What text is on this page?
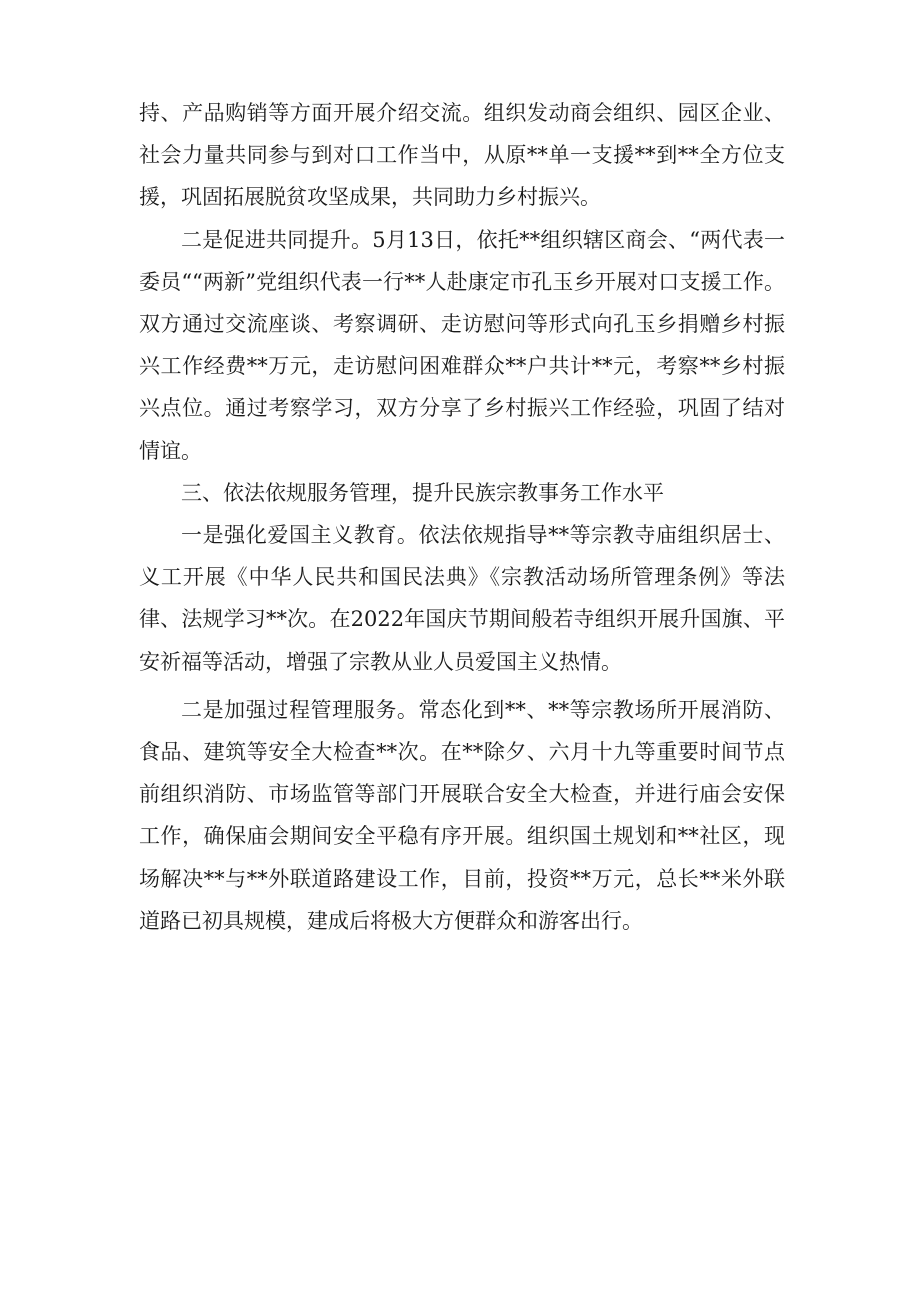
持、产品购销等方面开展介绍交流。组织发动商会组织、园区企业、社会力量共同参与到对口工作当中，从原**单一支援**到**全方位支援，巩固拓展脱贫攻坚成果，共同助力乡村振兴。

二是促进共同提升。5月13日，依托**组织辖区商会、“两代表一委员““两新”党组织代表一行**人赴康定市孔玉乡开展对口支援工作。双方通过交流座谈、考察调研、走访慰问等形式向孔玉乡捐赠乡村振兴工作经费**万元，走访慰问困难群众**户共计**元，考察**乡村振兴点位。通过考察学习，双方分享了乡村振兴工作经验，巩固了结对情谊。

三、依法依规服务管理，提升民族宗教事务工作水平

一是强化爱国主义教育。依法依规指导**等宗教寺庙组织居士、义工开展《中华人民共和国民法典》《宗教活动场所管理条例》等法律、法规学习**次。在2022年国庆节期间般若寺组织开展升国旗、平安祈福等活动，增强了宗教从业人员爱国主义热情。

二是加强过程管理服务。常态化到**、**等宗教场所开展消防、食品、建筑等安全大检查**次。在**除夕、六月十九等重要时间节点前组织消防、市场监管等部门开展联合安全大检查，并进行庙会安保工作，确保庙会期间安全平稳有序开展。组织国土规划和**社区，现场解决**与**外联道路建设工作，目前，投资**万元，总长**米外联道路已初具规模，建成后将极大方便群众和游客出行。
